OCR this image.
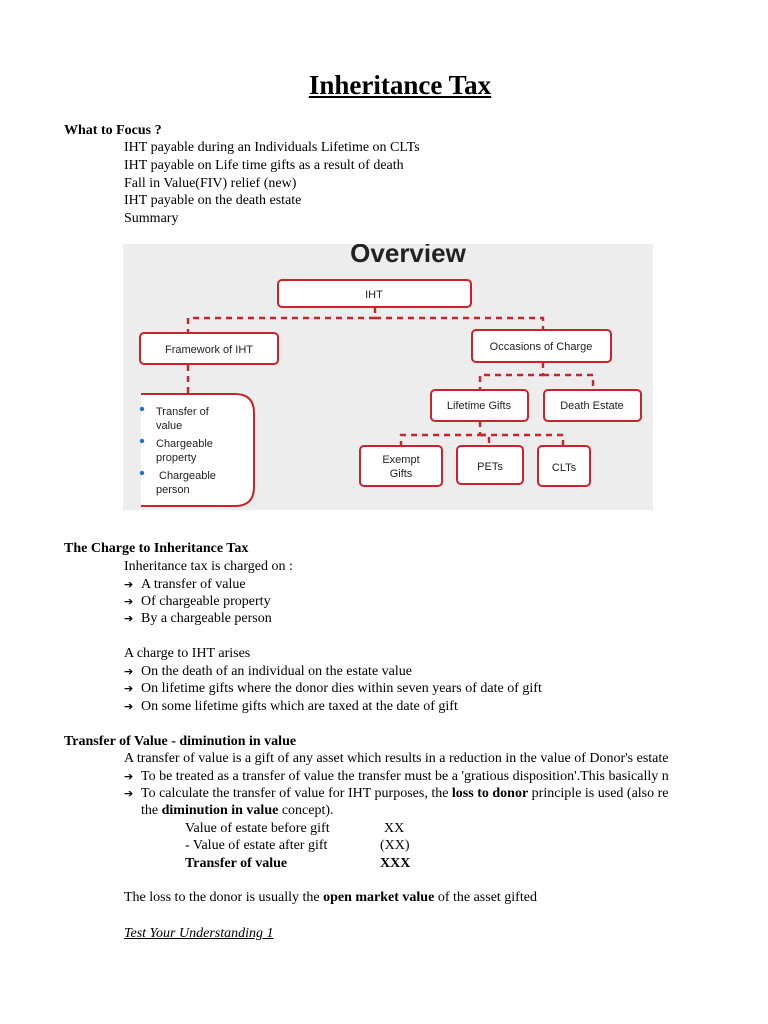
Inheritance Tax
What to Focus ?
IHT payable during an Individuals Lifetime on CLTs
IHT payable on Life time gifts as a result of death
Fall in Value(FIV) relief (new)
IHT payable on the death estate
Summary
Overview
IHT
Framework of IHT	Occasions of Charge
Lifetime Gifts	Death Estate
Exempt
Gifts
PETs	CLTs
Transfer of
value
Chargeable
property
Chargeable
person
The Charge to Inheritance Tax
Inheritance tax is charged on :
➔ A transfer of value
➔ Of chargeable property
➔ By a chargeable person
A charge to IHT arises
➔ On the death of an individual on the estate value
➔ On lifetime gifts where the donor dies within seven years of date of gift
➔ On some lifetime gifts which are taxed at the date of gift
Transfer of Value - diminution in value
A transfer of value is a gift of any asset which results in a reduction in the value of Donor's estate
➔ To be treated as a transfer of value the transfer must be a 'gratious disposition'.This basically n
➔ To calculate the transfer of value for IHT purposes, the loss to donor principle is used (also re
the diminution in value concept).
Value of estate before gift	XX
- Value of estate after gift	(XX)
Transfer of value	XXX
The loss to the donor is usually the open market value of the asset gifted
Test Your Understanding 1
